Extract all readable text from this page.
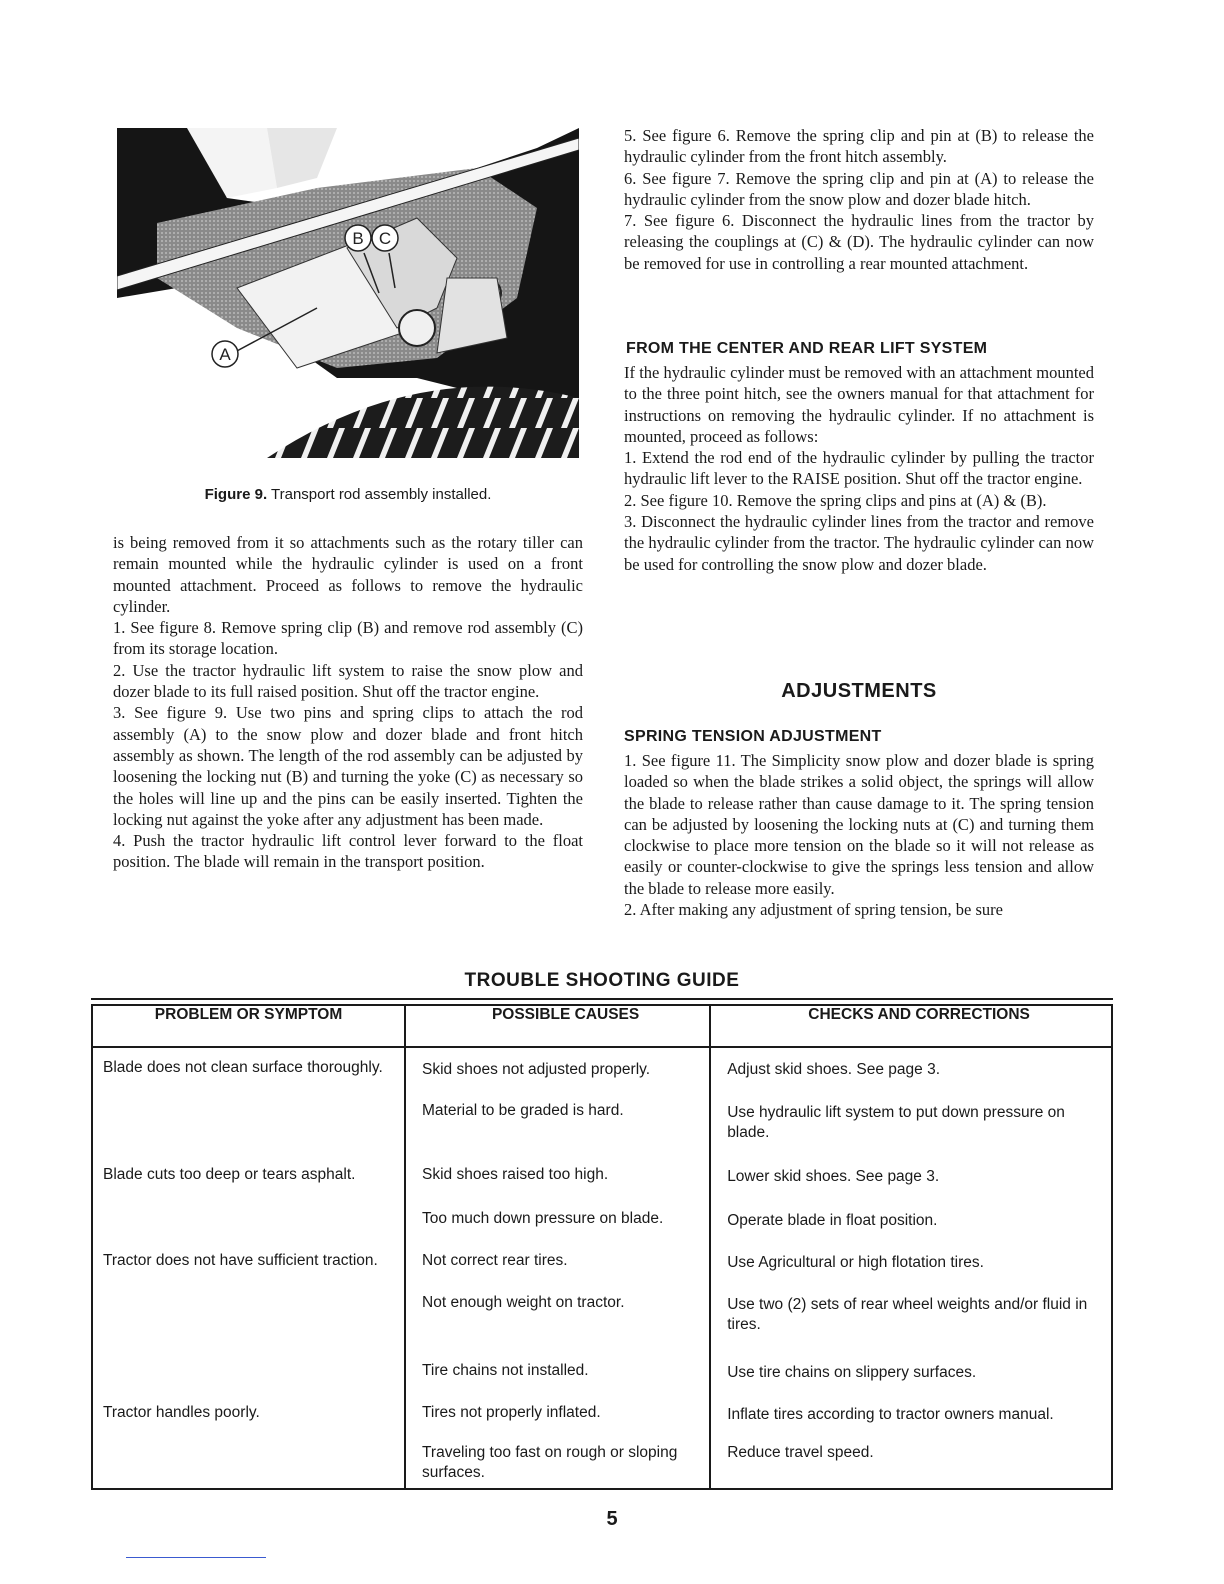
A
B C
Figure 9. Transport rod assembly installed.

is being removed from it so attachments such as the rotary tiller can remain mounted while the hydraulic cylinder is used on a front mounted attachment. Proceed as follows to remove the hydraulic cylinder.

1. See figure 8. Remove spring clip (B) and remove rod assembly (C) from its storage location.

2. Use the tractor hydraulic lift system to raise the snow plow and dozer blade to its full raised position. Shut off the tractor engine.

3. See figure 9. Use two pins and spring clips to attach the rod assembly (A) to the snow plow and dozer blade and front hitch assembly as shown. The length of the rod assembly can be adjusted by loosening the locking nut (B) and turning the yoke (C) as necessary so the holes will line up and the pins can be easily inserted. Tighten the locking nut against the yoke after any adjustment has been made.

4. Push the tractor hydraulic lift control lever forward to the float position. The blade will remain in the transport position.

5. See figure 6. Remove the spring clip and pin at (B) to release the hydraulic cylinder from the front hitch assembly.

6. See figure 7. Remove the spring clip and pin at (A) to release the hydraulic cylinder from the snow plow and dozer blade hitch.

7. See figure 6. Disconnect the hydraulic lines from the tractor by releasing the couplings at (C) & (D). The hydraulic cylinder can now be removed for use in controlling a rear mounted attachment.

FROM THE CENTER AND REAR LIFT SYSTEM

If the hydraulic cylinder must be removed with an attachment mounted to the three point hitch, see the owners manual for that attachment for instructions on removing the hydraulic cylinder. If no attachment is mounted, proceed as follows:

1. Extend the rod end of the hydraulic cylinder by pulling the tractor hydraulic lift lever to the RAISE position. Shut off the tractor engine.

2. See figure 10. Remove the spring clips and pins at (A) & (B).

3. Disconnect the hydraulic cylinder lines from the tractor and remove the hydraulic cylinder from the tractor. The hydraulic cylinder can now be used for controlling the snow plow and dozer blade.

ADJUSTMENTS
SPRING TENSION ADJUSTMENT

1. See figure 11. The Simplicity snow plow and dozer blade is spring loaded so when the blade strikes a solid object, the springs will allow the blade to release rather than cause damage to it. The spring tension can be adjusted by loosening the locking nuts at (C) and turning them clockwise to place more tension on the blade so it will not release as easily or counter-clockwise to give the springs less tension and allow the blade to release more easily.

2. After making any adjustment of spring tension, be sure

TROUBLE SHOOTING GUIDE
PROBLEM OR SYMPTOM	POSSIBLE CAUSES	CHECKS AND CORRECTIONS
Blade does not clean surface thoroughly.	Skid shoes not adjusted properly.	Adjust skid shoes. See page 3.
	Material to be graded is hard.	Use hydraulic lift system to put down pressure on blade.
Blade cuts too deep or tears asphalt.	Skid shoes raised too high.	Lower skid shoes. See page 3.
	Too much down pressure on blade.	Operate blade in float position.
Tractor does not have sufficient traction.	Not correct rear tires.	Use Agricultural or high flotation tires.
	Not enough weight on tractor.	Use two (2) sets of rear wheel weights and/or fluid in tires.
	Tire chains not installed.	Use tire chains on slippery surfaces.
Tractor handles poorly.	Tires not properly inflated.	Inflate tires according to tractor owners manual.
	Traveling too fast on rough or sloping surfaces.	Reduce travel speed.
5
